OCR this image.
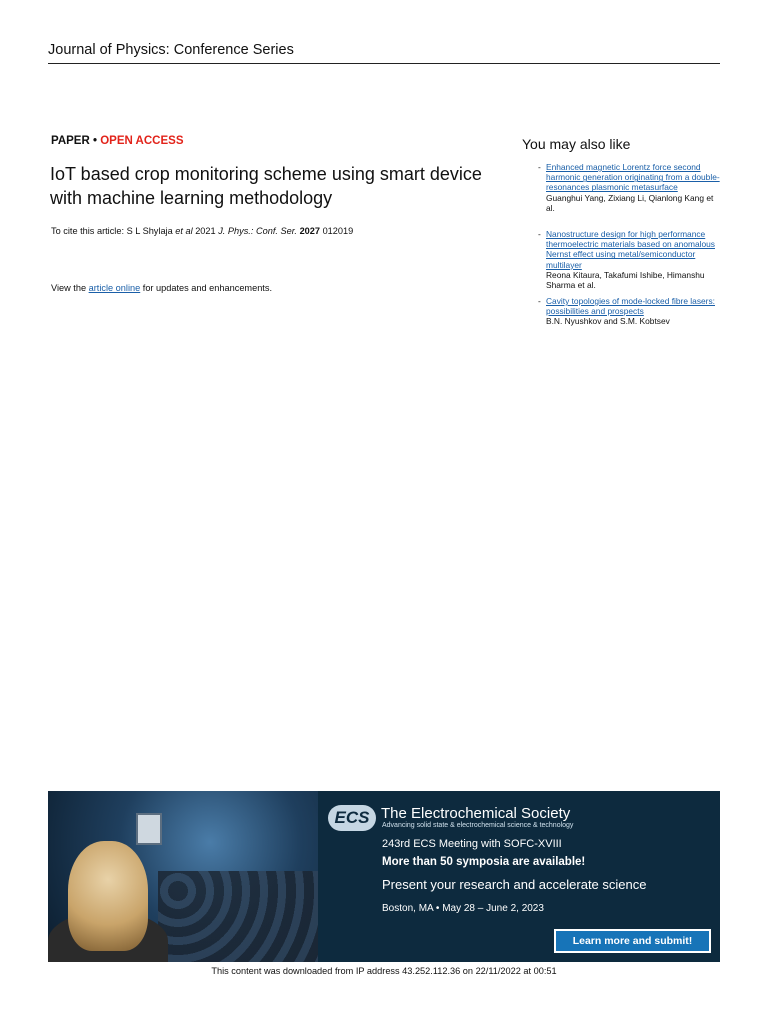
Journal of Physics: Conference Series
PAPER • OPEN ACCESS
IoT based crop monitoring scheme using smart device with machine learning methodology
To cite this article: S L Shylaja et al 2021 J. Phys.: Conf. Ser. 2027 012019
View the article online for updates and enhancements.
You may also like
- Enhanced magnetic Lorentz force second harmonic generation originating from a double-resonances plasmonic metasurface
Guanghui Yang, Zixiang Li, Qianlong Kang et al.
- Nanostructure design for high performance thermoelectric materials based on anomalous Nernst effect using metal/semiconductor multilayer
Reona Kitaura, Takafumi Ishibe, Himanshu Sharma et al.
- Cavity topologies of mode-locked fibre lasers: possibilities and prospects
B.N. Nyushkov and S.M. Kobtsev
ECS The Electrochemical Society
Advancing solid state & electrochemical science & technology
243rd ECS Meeting with SOFC-XVIII
More than 50 symposia are available!
Present your research and accelerate science
Boston, MA • May 28 – June 2, 2023
Learn more and submit!
This content was downloaded from IP address 43.252.112.36 on 22/11/2022 at 00:51
